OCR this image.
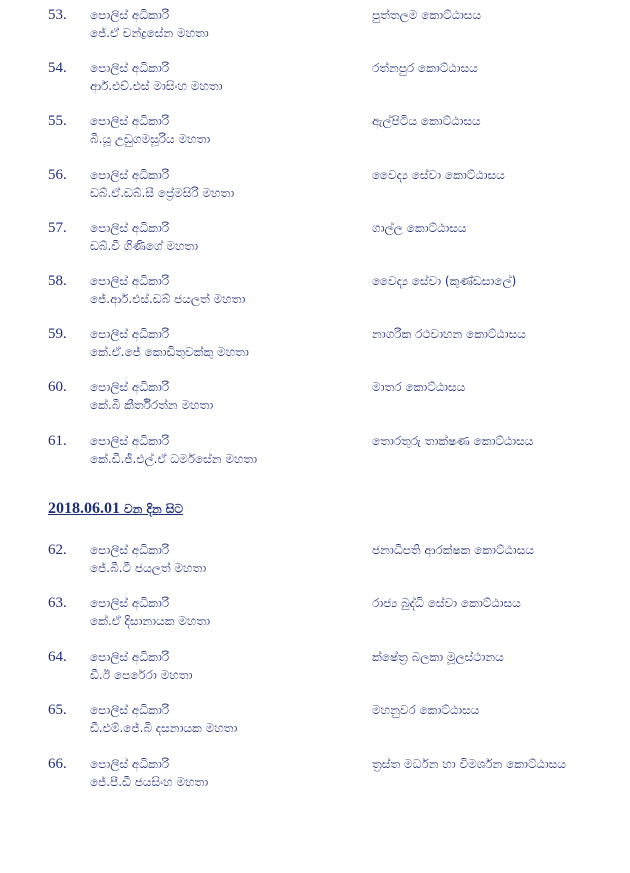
53. පොලිස් අධිකාරි
ජේ.ඒ චන්ද්‍රසේන මහතා
පුත්තලම කොට්ඨාසය
54. පොලිස් අධිකාරි
ආර්.එච්.එස් මාසිංහ මහතා
රත්නපුර කොට්ඨාසය
55. පොලිස් අධිකාරි
බී.යූ උඩුගමසූරිය මහතා
ඇල්පිටිය කොට්ඨාසය
56. පොලිස් අධිකාරි
ඩබ්.ඒ.ඩබ්.සී ප්‍රේමසිරි මහතා
වෛද්‍ය සේවා කොට්ඨාසය
57. පොලිස් අධිකාරි
ඩබ්.වී ගිණිගේ මහතා
ගාල්ල කොට්ඨාසය
58. පොලිස් අධිකාරි
ජේ.ආර්.එස්.ඩබ් ජයලත් මහතා
වෛද්‍ය සේවා (කුණ්ඩසාලේ)
59. පොලිස් අධිකාරි
කේ.ඒ.ජේ කොඩිතුවක්කු මහතා
නාගරික රථවාහන කොට්ඨාසය
60. පොලිස් අධිකාරි
කේ.බී කීර්තිරත්න මහතා
මාතර කොට්ඨාසය
61. පොලිස් අධිකාරි
කේ.ඩී.ජී.එල්.ඒ ධර්මසේන මහතා
තොරතුරු තාක්ෂණ කොට්ඨාසය
2018.06.01 වන දින සිට
62. පොලිස් අධිකාරි
ජේ.බී.ටී ජයලත් මහතා
ජනාධිපති ආරක්ෂක කොට්ඨාසය
63. පොලිස් අධිකාරි
කේ.ඒ දිසානායක මහතා
රාජ්‍ය බුද්ධි සේවා කොට්ඨාසය
64. පොලිස් අධිකාරි
ඩී.ඊ පෙරේරා මහතා
ක්ෂේත්‍ර බලකා මූලස්ථානය
65. පොලිස් අධිකාරි
ඩී.එම්.ජේ.බී දසනායක මහතා
මහනුවර කොට්ඨාසය
66. පොලිස් අධිකාරි
ජේ.පී.ඩී ජයසිංහ මහතා
ත්‍රස්ත මර්ධන හා විමර්ශන කොට්ඨාසය
